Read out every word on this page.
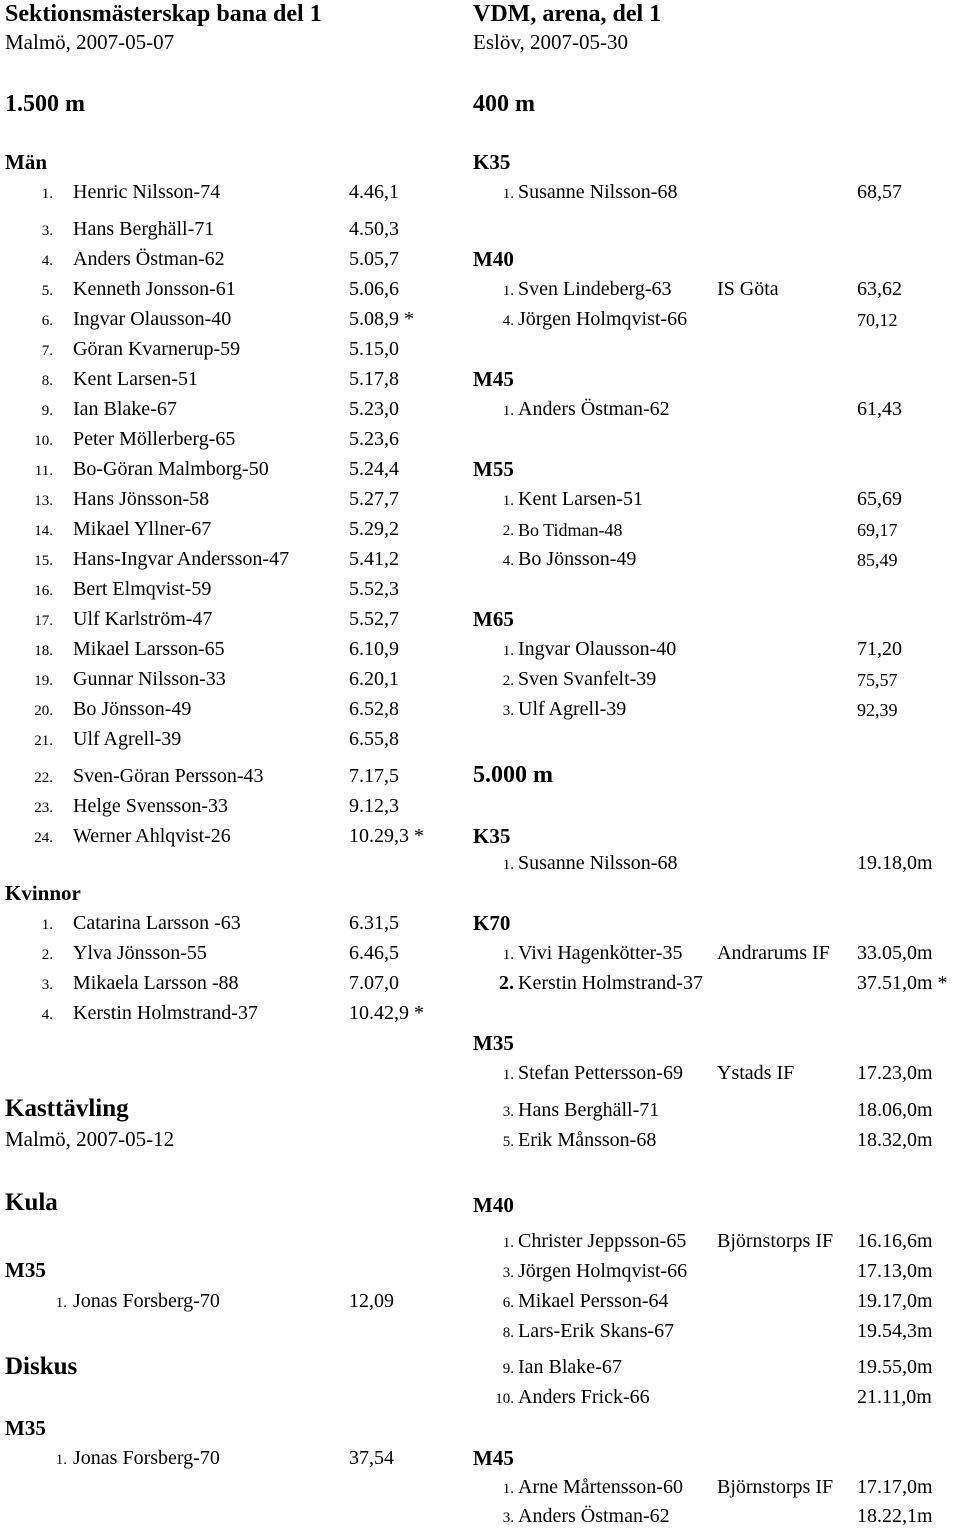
Sektionsmästerskap bana del 1
Malmö, 2007-05-07
1.500 m
Män
1. Henric Nilsson-74	4.46,1
3. Hans Berghäll-71	4.50,3
4. Anders Östman-62	5.05,7
5. Kenneth Jonsson-61	5.06,6
6. Ingvar Olausson-40	5.08,9 *
7. Göran Kvarnerup-59	5.15,0
8. Kent Larsen-51	5.17,8
9. Ian Blake-67	5.23,0
10. Peter Möllerberg-65	5.23,6
11. Bo-Göran Malmborg-50	5.24,4
13. Hans Jönsson-58	5.27,7
14. Mikael Yllner-67	5.29,2
15. Hans-Ingvar Andersson-47	5.41,2
16. Bert Elmqvist-59	5.52,3
17. Ulf Karlström-47	5.52,7
18. Mikael Larsson-65	6.10,9
19. Gunnar Nilsson-33	6.20,1
20. Bo Jönsson-49	6.52,8
21. Ulf Agrell-39	6.55,8
22. Sven-Göran Persson-43	7.17,5
23. Helge Svensson-33	9.12,3
24. Werner Ahlqvist-26	10.29,3 *
Kvinnor
1. Catarina Larsson -63	6.31,5
2. Ylva Jönsson-55	6.46,5
3. Mikaela Larsson -88	7.07,0
4. Kerstin Holmstrand-37	10.42,9 *
Kasttävling
Malmö, 2007-05-12
Kula
M35
1. Jonas Forsberg-70	12,09
Diskus
M35
1. Jonas Forsberg-70	37,54
VDM, arena, del 1
Eslöv, 2007-05-30
400 m
K35
1. Susanne Nilsson-68	68,57
M40
1. Sven Lindeberg-63 IS Göta	63,62
4. Jörgen Holmqvist-66	70,12
M45
1. Anders Östman-62	61,43
M55
1. Kent Larsen-51	65,69
2. Bo Tidman-48	69,17
4. Bo Jönsson-49	85,49
M65
1. Ingvar Olausson-40	71,20
2. Sven Svanfelt-39	75,57
3. Ulf Agrell-39	92,39
5.000 m
K35
1. Susanne Nilsson-68	19.18,0m
K70
1. Vivi Hagenkötter-35 Andrarums IF 33.05,0m
2. Kerstin Holmstrand-37	37.51,0m *
M35
1. Stefan Pettersson-69 Ystads IF	17.23,0m
3. Hans Berghäll-71	18.06,0m
5. Erik Månsson-68	18.32,0m
M40
1. Christer Jeppsson-65 Björnstorps IF 16.16,6m
3. Jörgen Holmqvist-66	17.13,0m
6. Mikael Persson-64	19.17,0m
8. Lars-Erik Skans-67	19.54,3m
9. Ian Blake-67	19.55,0m
10. Anders Frick-66	21.11,0m
M45
1. Arne Mårtensson-60 Björnstorps IF 17.17,0m
3. Anders Östman-62	18.22,1m
